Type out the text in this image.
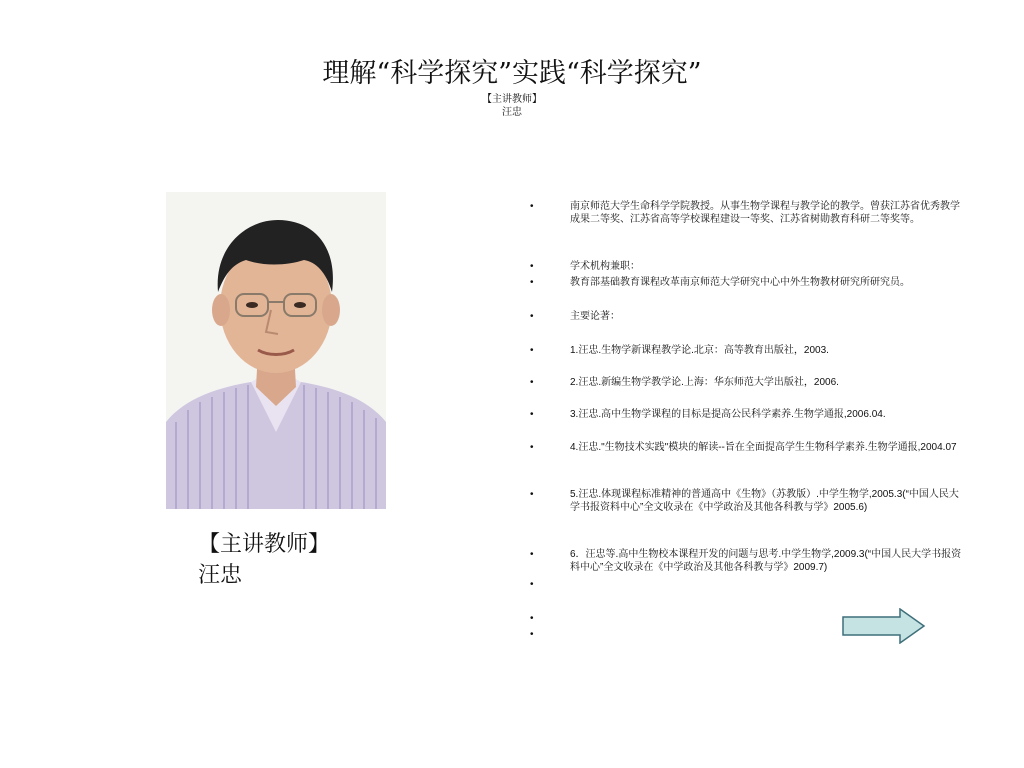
理解“科学探究”实践“科学探究”
【主讲教师】
汪忠
【主讲教师】
汪忠
•	南京师范大学生命科学学院教授。从事生物学课程与教学论的教学。曾获江苏省优秀教学成果二等奖、江苏省高等学校课程建设一等奖、江苏省树勋教育科研二等奖等。
•	学术机构兼职：
•	教育部基础教育课程改革南京师范大学研究中心中外生物教材研究所研究员。
•	主要论著：
•	1.汪忠.生物学新课程教学论.北京：高等教育出版社，2003.
•	2.汪忠.新编生物学教学论.上海：华东师范大学出版社，2006.
•	3.汪忠.高中生物学课程的目标是提高公民科学素养.生物学通报,2006.04.
•	4.汪忠."生物技术实践"模块的解读--旨在全面提高学生生物科学素养.生物学通报,2004.07
•	5.汪忠.体现课程标准精神的普通高中《生物》（苏教版）.中学生物学,2005.3(“中国人民大学书报资料中心”全文收录在《中学政治及其他各科教与学》2005.6)
•	6．汪忠等.高中生物校本课程开发的问题与思考.中学生物学,2009.3(“中国人民大学书报资料中心”全文收录在《中学政治及其他各科教与学》2009.7)
•
•
•
